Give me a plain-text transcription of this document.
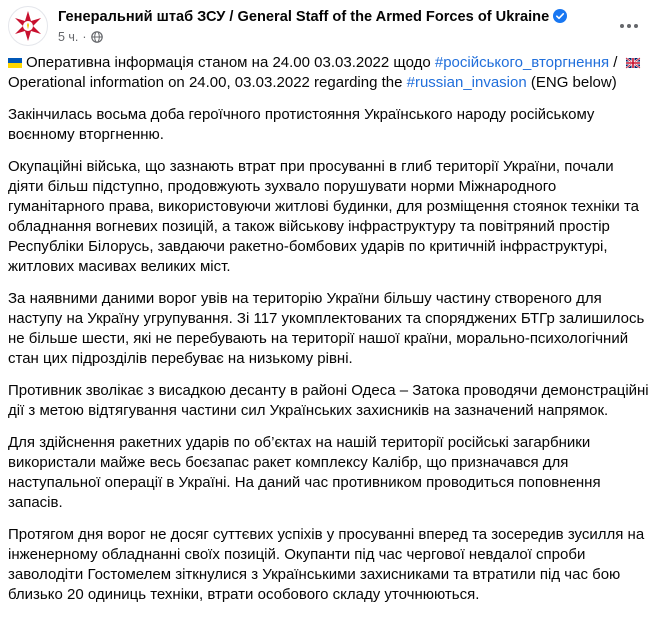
Генеральний штаб ЗСУ / General Staff of the Armed Forces of Ukraine
5 ч. ·

Оперативна інформація станом на 24.00 03.03.2022 щодо #російського_вторгнення /
Operational information on 24.00, 03.03.2022 regarding the #russian_invasion (ENG below)

Закінчилась восьма доба героїчного протистояння Українського народу російському воєнному вторгненню.

Окупаційні війська, що зазнають втрат при просуванні в глиб території України, почали діяти більш підступно, продовжують зухвало порушувати норми Міжнародного гуманітарного права, використовуючи житлові будинки, для розміщення стоянок техніки та обладнання вогневих позицій, а також військову інфраструктуру та повітряний простір Республіки Білорусь, завдаючи ракетно-бомбових ударів по критичній інфраструктурі, житлових масивах великих міст.

За наявними даними ворог увів на територію України більшу частину створеного для наступу на Україну угрупування. Зі 117 укомплектованих та споряджених БТГр залишилось не більше шести, які не перебувають на території нашої країни, морально-психологічний стан цих підрозділів перебуває на низькому рівні.

Противник зволікає з висадкою десанту в районі Одеса – Затока проводячи демонстраційні дії з метою відтягування частини сил Українських захисників на зазначений напрямок.

Для здійснення ракетних ударів по об’єктах на нашій території російські загарбники використали майже весь боєзапас ракет комплексу Калібр, що призначався для наступальної операції в Україні. На даний час противником проводиться поповнення запасів.

Протягом дня ворог не досяг суттєвих успіхів у просуванні вперед та зосередив зусилля на інженерному обладнанні своїх позицій. Окупанти під час чергової невдалої спроби заволодіти Гостомелем зіткнулися з Українськими захисниками та втратили під час бою близько 20 одиниць техніки, втрати особового складу уточнюються.
